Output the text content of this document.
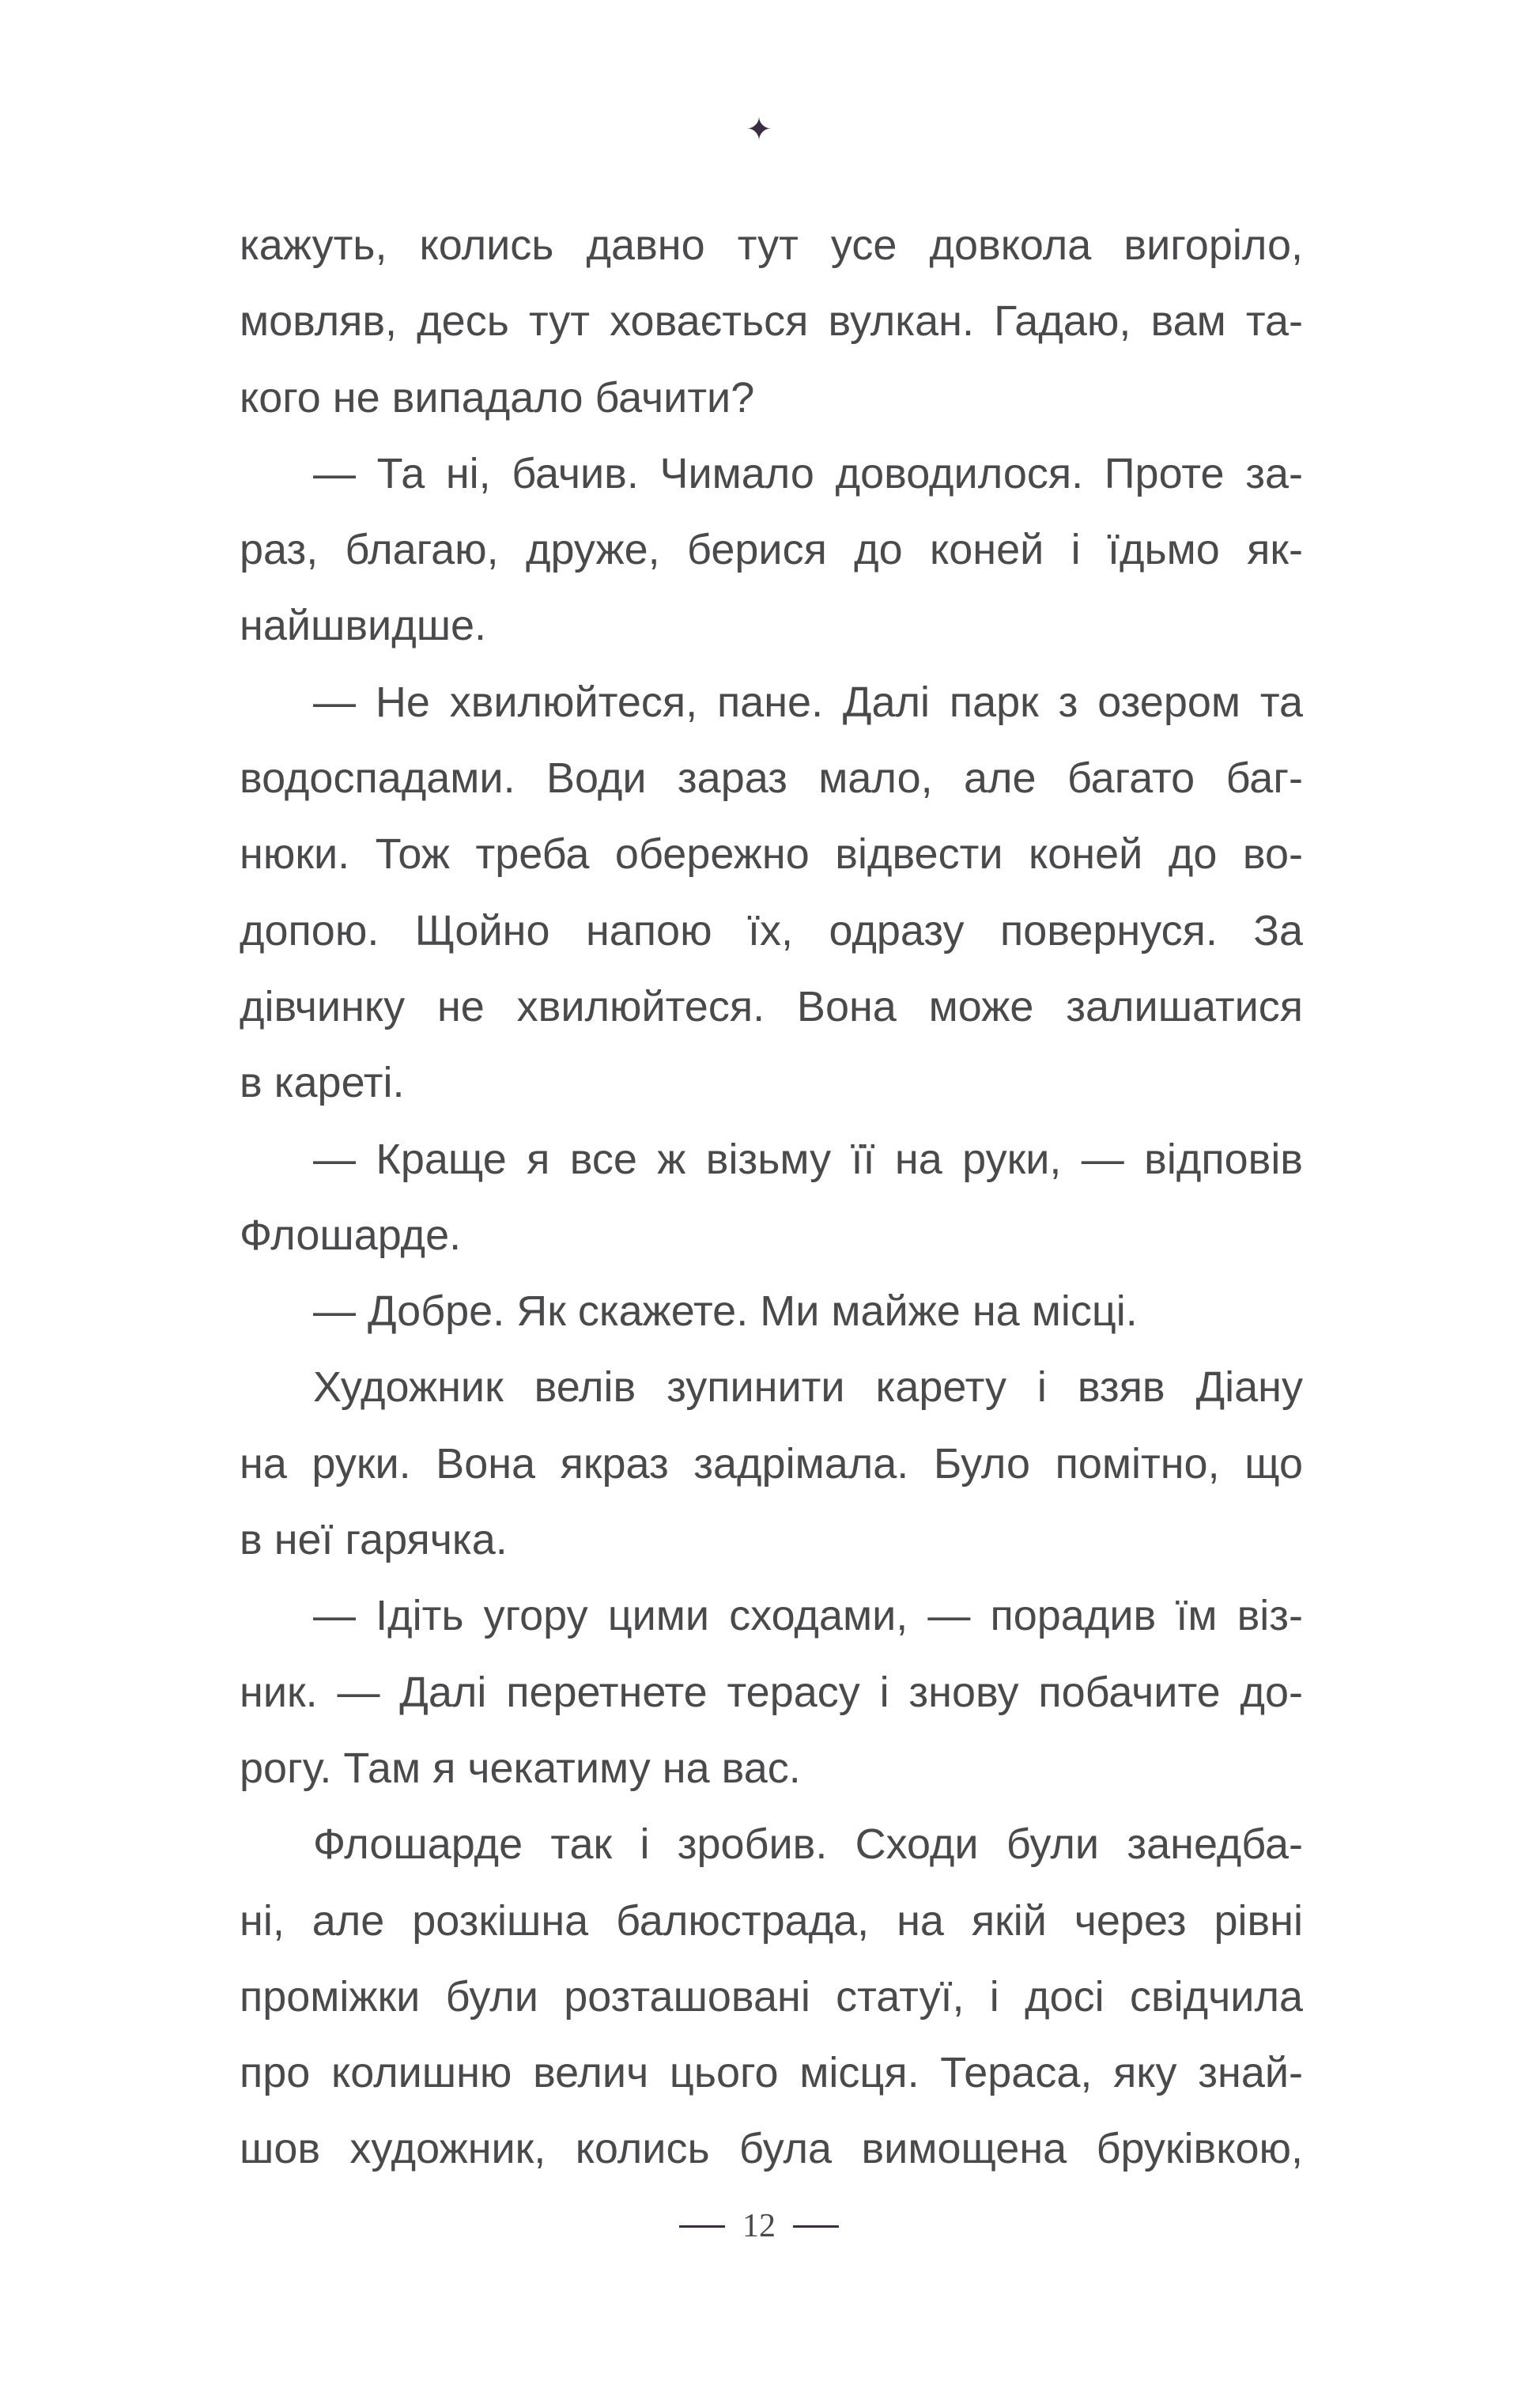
✦
кажуть, колись давно тут усе довкола вигоріло,
мовляв, десь тут ховається вулкан. Гадаю, вам та-
кого не випадало бачити?
— Та ні, бачив. Чимало доводилося. Проте за-
раз, благаю, друже, берися до коней і їдьмо як-
найшвидше.
— Не хвилюйтеся, пане. Далі парк з озером та
водоспадами. Води зараз мало, але багато баг-
нюки. Тож треба обережно відвести коней до во-
допою. Щойно напою їх, одразу повернуся. За
дівчинку не хвилюйтеся. Вона може залишатися
в кареті.
— Краще я все ж візьму її на руки, — відповів
Флошарде.
— Добре. Як скажете. Ми майже на місці.
Художник велів зупинити карету і взяв Діану
на руки. Вона якраз задрімала. Було помітно, що
в неї гарячка.
— Ідіть угору цими сходами, — порадив їм віз-
ник. — Далі перетнете терасу і знову побачите до-
рогу. Там я чекатиму на вас.
Флошарде так і зробив. Сходи були занедба-
ні, але розкішна балюстрада, на якій через рівні
проміжки були розташовані статуї, і досі свідчила
про колишню велич цього місця. Тераса, яку знай-
шов художник, колись була вимощена бруківкою,
12
